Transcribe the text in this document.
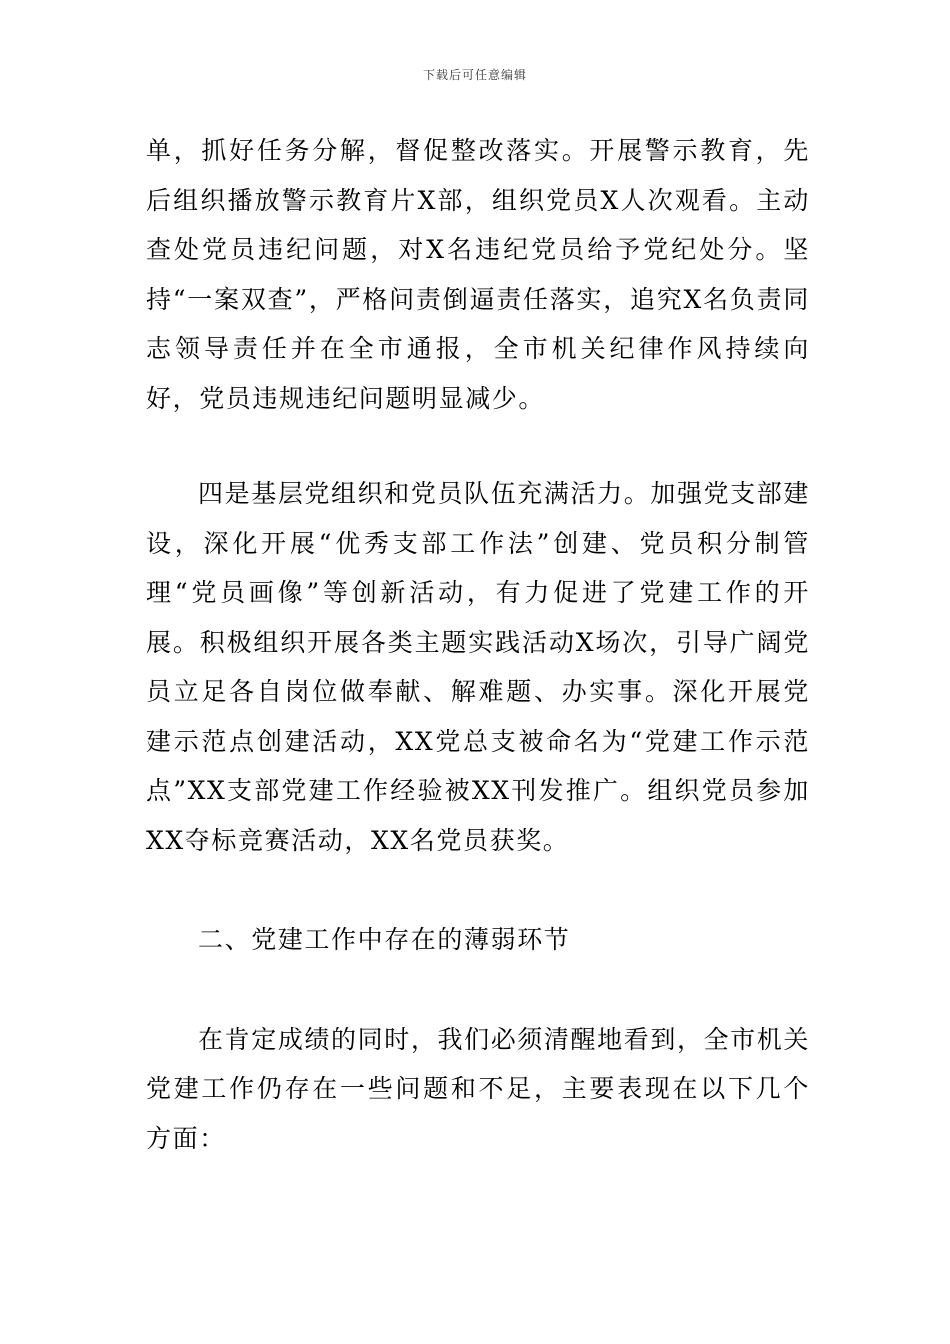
下载后可任意编辑

单，抓好任务分解，督促整改落实。开展警示教育，先后组织播放警示教育片X部，组织党员X人次观看。主动查处党员违纪问题，对X名违纪党员给予党纪处分。坚持“一案双查”，严格问责倒逼责任落实，追究X名负责同志领导责任并在全市通报，全市机关纪律作风持续向好，党员违规违纪问题明显减少。

四是基层党组织和党员队伍充满活力。加强党支部建设，深化开展“优秀支部工作法”创建、党员积分制管理“党员画像”等创新活动，有力促进了党建工作的开展。积极组织开展各类主题实践活动X场次，引导广阔党员立足各自岗位做奉献、解难题、办实事。深化开展党建示范点创建活动，XX党总支被命名为“党建工作示范点”XX支部党建工作经验被XX刊发推广。组织党员参加XX夺标竞赛活动，XX名党员获奖。

二、党建工作中存在的薄弱环节

在肯定成绩的同时，我们必须清醒地看到，全市机关党建工作仍存在一些问题和不足，主要表现在以下几个方面：
